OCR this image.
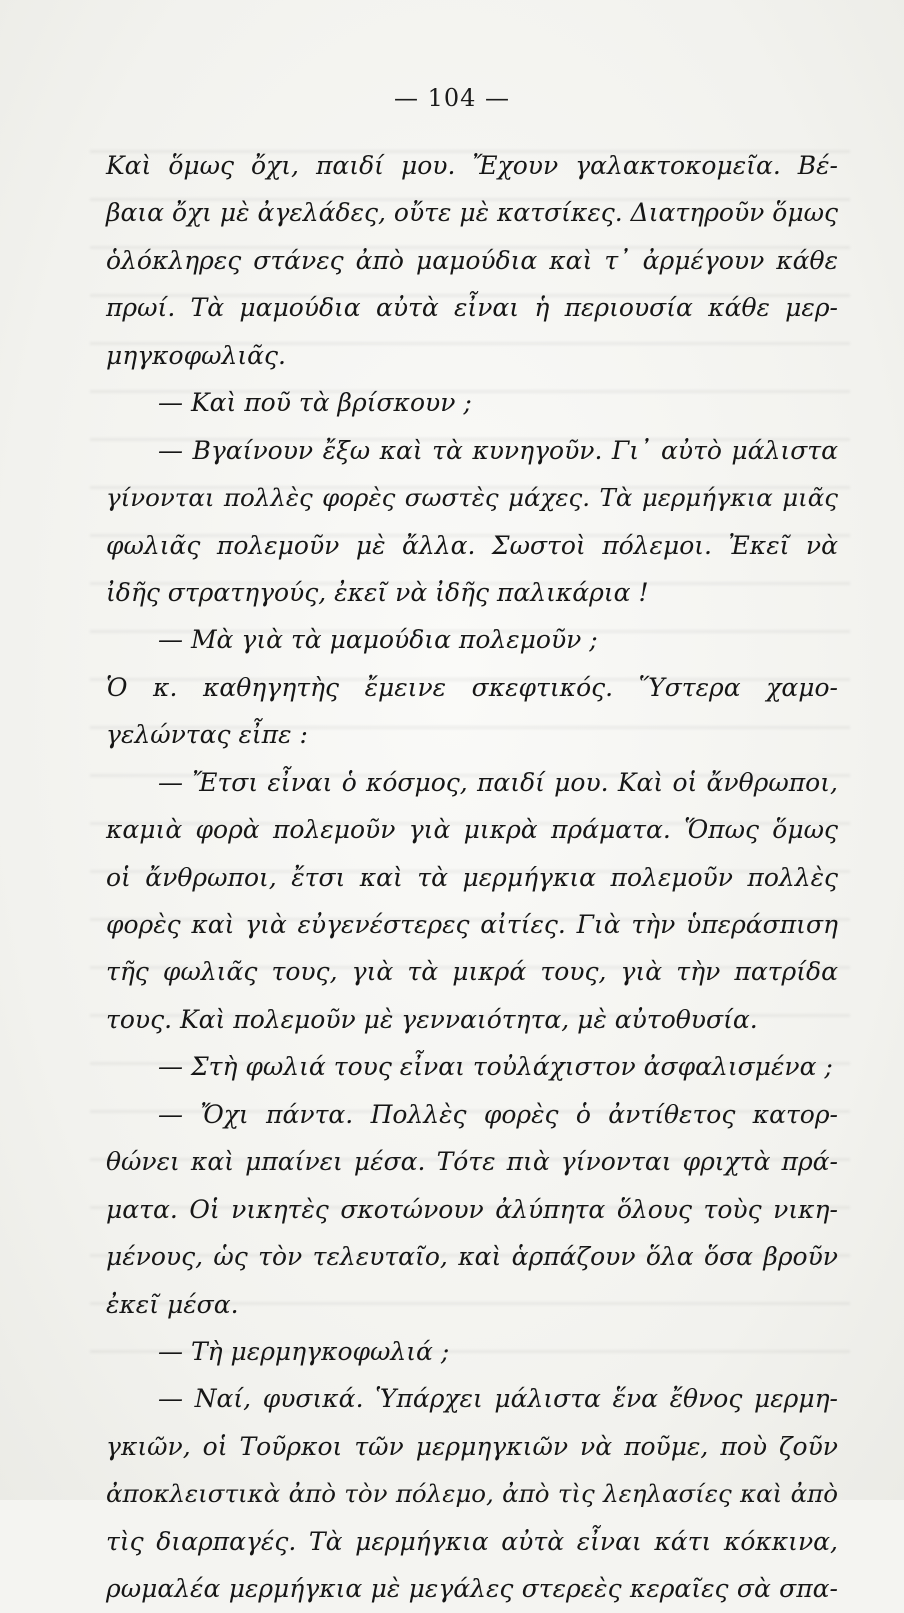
— 104 —
Καὶ ὅμως ὄχι, παιδί μου. Ἔχουν γαλακτοκομεῖα. Βέ-
βαια ὄχι μὲ ἀγελάδες, οὔτε μὲ κατσίκες. Διατηροῦν ὅμως
ὁλόκληρες στάνες ἀπὸ μαμούδια καὶ τ᾽ ἀρμέγουν κάθε
πρωί. Τὰ μαμούδια αὐτὰ εἶναι ἡ περιουσία κάθε μερ-
μηγκοφωλιᾶς.
— Καὶ ποῦ τὰ βρίσκουν ;
— Βγαίνουν ἔξω καὶ τὰ κυνηγοῦν. Γι᾽ αὐτὸ μάλιστα
γίνονται πολλὲς φορὲς σωστὲς μάχες. Τὰ μερμήγκια μιᾶς
φωλιᾶς πολεμοῦν μὲ ἄλλα. Σωστοὶ πόλεμοι. Ἐκεῖ νὰ
ἰδῆς στρατηγούς, ἐκεῖ νὰ ἰδῆς παλικάρια !
— Μὰ γιὰ τὰ μαμούδια πολεμοῦν ;
Ὁ κ. καθηγητὴς ἔμεινε σκεφτικός. Ὕστερα χαμο-
γελώντας εἶπε :
— Ἔτσι εἶναι ὁ κόσμος, παιδί μου. Καὶ οἱ ἄνθρωποι,
καμιὰ φορὰ πολεμοῦν γιὰ μικρὰ πράματα. Ὅπως ὅμως
οἱ ἄνθρωποι, ἔτσι καὶ τὰ μερμήγκια πολεμοῦν πολλὲς
φορὲς καὶ γιὰ εὐγενέστερες αἰτίες. Γιὰ τὴν ὑπεράσπιση
τῆς φωλιᾶς τους, γιὰ τὰ μικρά τους, γιὰ τὴν πατρίδα
τους. Καὶ πολεμοῦν μὲ γενναιότητα, μὲ αὐτοθυσία.
— Στὴ φωλιά τους εἶναι τοὐλάχιστον ἀσφαλισμένα ;
— Ὄχι πάντα. Πολλὲς φορὲς ὁ ἀντίθετος κατορ-
θώνει καὶ μπαίνει μέσα. Τότε πιὰ γίνονται φριχτὰ πρά-
ματα. Οἱ νικητὲς σκοτώνουν ἀλύπητα ὅλους τοὺς νικη-
μένους, ὡς τὸν τελευταῖο, καὶ ἁρπάζουν ὅλα ὅσα βροῦν
ἐκεῖ μέσα.
— Τὴ μερμηγκοφωλιά ;
— Ναί, φυσικά. Ὑπάρχει μάλιστα ἕνα ἔθνος μερμη-
γκιῶν, οἱ Τοῦρκοι τῶν μερμηγκιῶν νὰ ποῦμε, ποὺ ζοῦν
ἀποκλειστικὰ ἀπὸ τὸν πόλεμο, ἀπὸ τὶς λεηλασίες καὶ ἀπὸ
τὶς διαρπαγές. Τὰ μερμήγκια αὐτὰ εἶναι κάτι κόκκινα,
ρωμαλέα μερμήγκια μὲ μεγάλες στερεὲς κεραῖες σὰ σπα-
